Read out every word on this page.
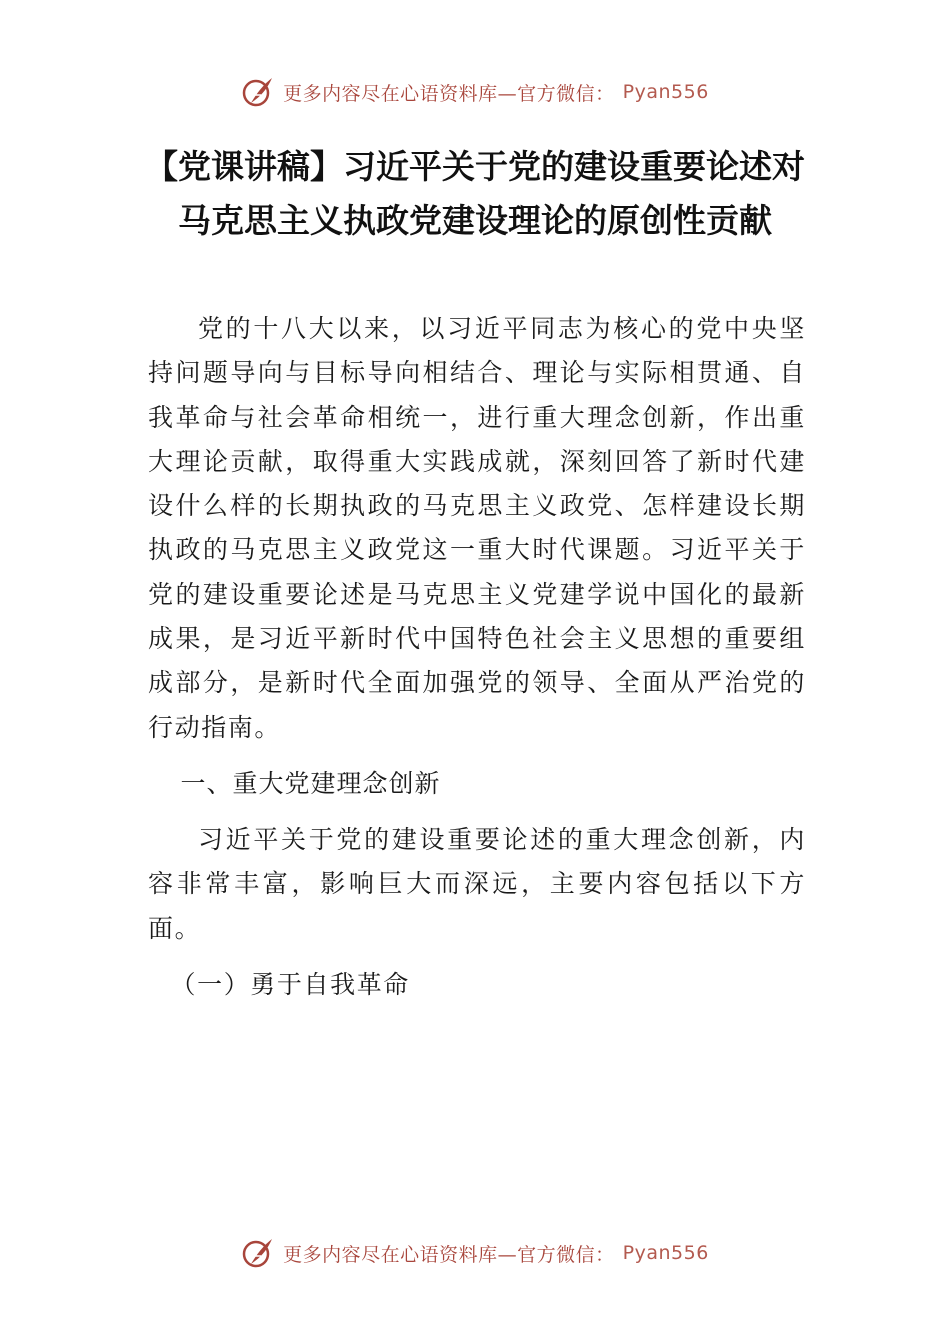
更多内容尽在心语资料库—官方微信： Pyan556
【党课讲稿】习近平关于党的建设重要论述对
马克思主义执政党建设理论的原创性贡献

党的十八大以来，以习近平同志为核心的党中央坚持问题导向与目标导向相结合、理论与实际相贯通、自我革命与社会革命相统一，进行重大理念创新，作出重大理论贡献，取得重大实践成就，深刻回答了新时代建设什么样的长期执政的马克思主义政党、怎样建设长期执政的马克思主义政党这一重大时代课题。习近平关于党的建设重要论述是马克思主义党建学说中国化的最新成果，是习近平新时代中国特色社会主义思想的重要组成部分，是新时代全面加强党的领导、全面从严治党的行动指南。

一、重大党建理念创新

习近平关于党的建设重要论述的重大理念创新，内容非常丰富，影响巨大而深远，主要内容包括以下方面。

（一）勇于自我革命

更多内容尽在心语资料库—官方微信： Pyan556
